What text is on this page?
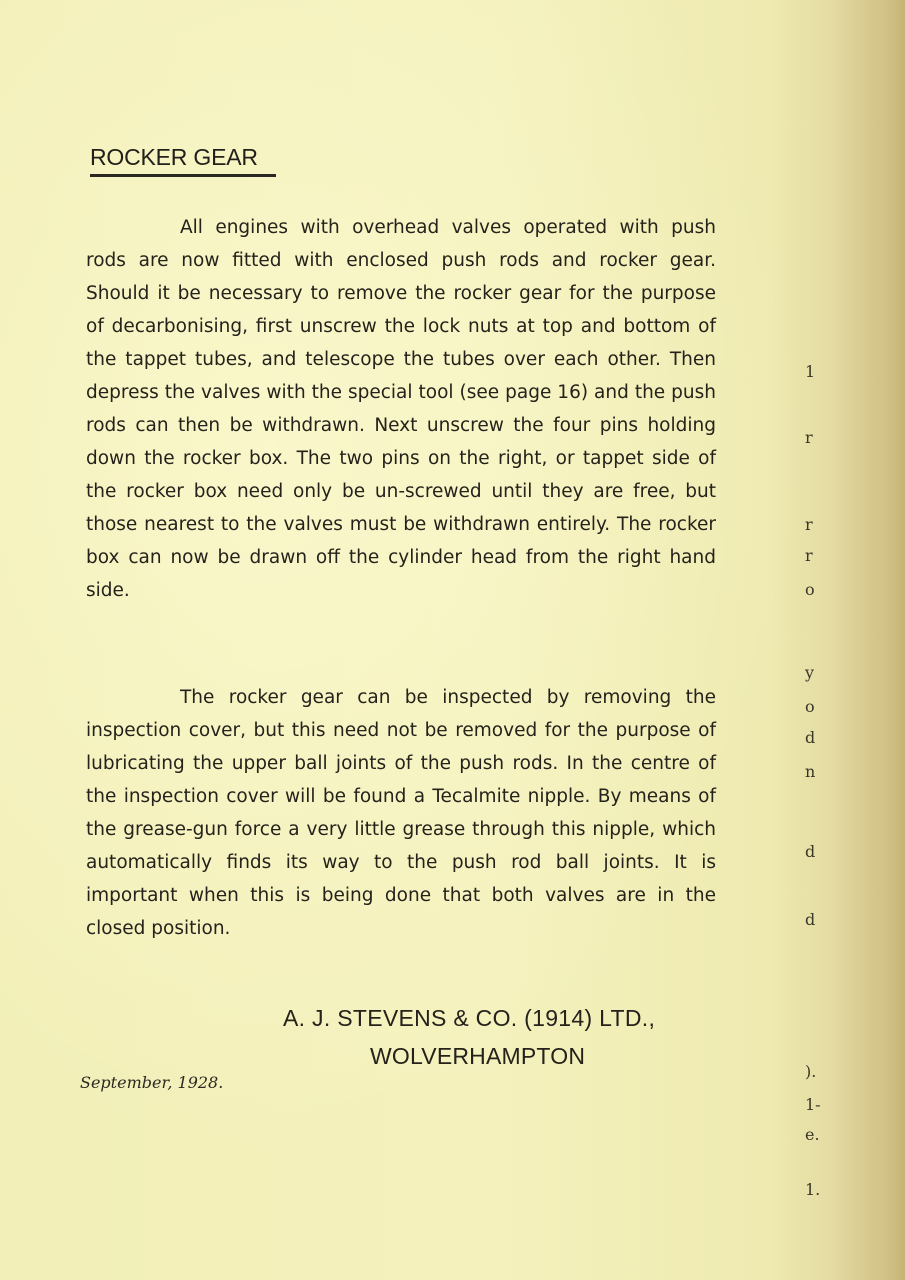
ROCKER GEAR

All engines with overhead valves operated with push rods are now fitted with enclosed push rods and rocker gear. Should it be necessary to remove the rocker gear for the purpose of decarbonising, first unscrew the lock nuts at top and bottom of the tappet tubes, and telescope the tubes over each other. Then depress the valves with the special tool (see page 16) and the push rods can then be withdrawn. Next unscrew the four pins holding down the rocker box. The two pins on the right, or tappet side of the rocker box need only be un-screwed until they are free, but those nearest to the valves must be withdrawn entirely. The rocker box can now be drawn off the cylinder head from the right hand side.

The rocker gear can be inspected by removing the inspection cover, but this need not be removed for the purpose of lubricating the upper ball joints of the push rods. In the centre of the inspection cover will be found a Tecalmite nipple. By means of the grease-gun force a very little grease through this nipple, which automatically finds its way to the push rod ball joints. It is important when this is being done that both valves are in the closed position.

A. J. STEVENS & CO. (1914) LTD.,

WOLVERHAMPTON

September, 1928.

1
r
r
r
o
y
o
d
n
d
d
).
1-
e.
1.
